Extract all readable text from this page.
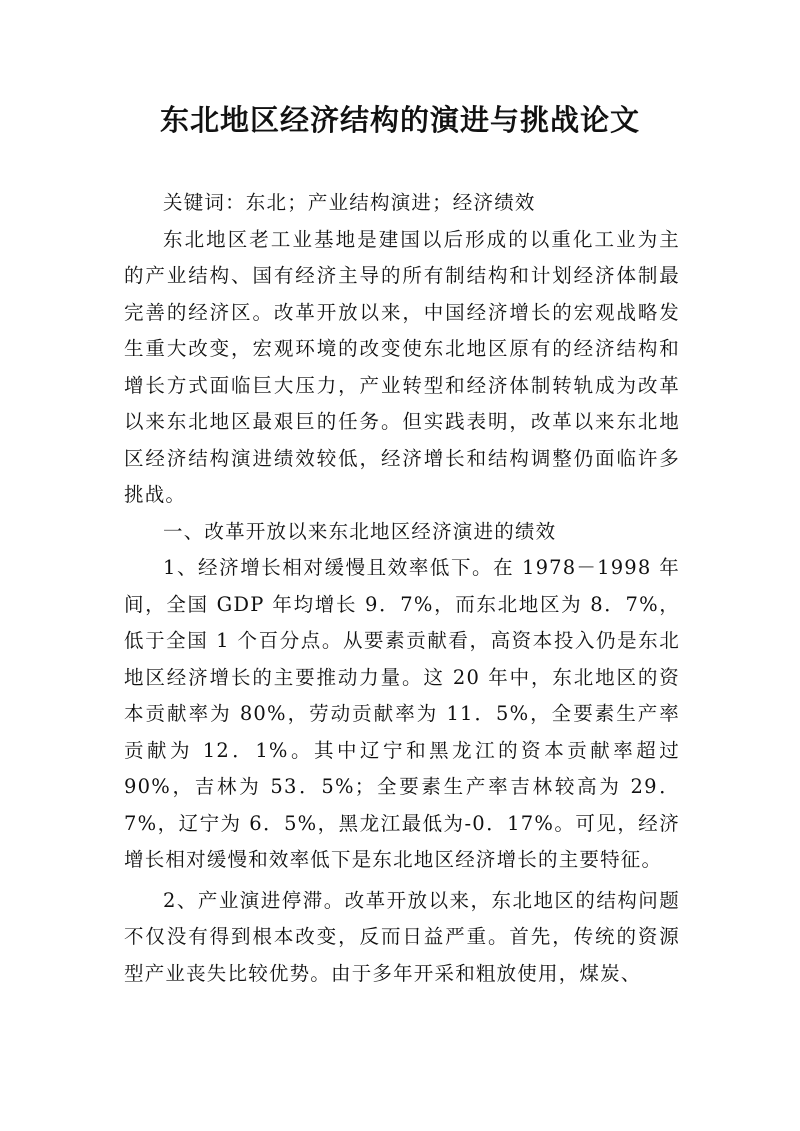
东北地区经济结构的演进与挑战论文

关键词：东北；产业结构演进；经济绩效

东北地区老工业基地是建国以后形成的以重化工业为主的产业结构、国有经济主导的所有制结构和计划经济体制最完善的经济区。改革开放以来，中国经济增长的宏观战略发生重大改变，宏观环境的改变使东北地区原有的经济结构和增长方式面临巨大压力，产业转型和经济体制转轨成为改革以来东北地区最艰巨的任务。但实践表明，改革以来东北地区经济结构演进绩效较低，经济增长和结构调整仍面临许多挑战。

一、改革开放以来东北地区经济演进的绩效

1、经济增长相对缓慢且效率低下。在 1978－1998 年间，全国 GDP 年均增长 9．7%，而东北地区为 8．7%，低于全国 1 个百分点。从要素贡献看，高资本投入仍是东北地区经济增长的主要推动力量。这 20 年中，东北地区的资本贡献率为 80%，劳动贡献率为 11．5%，全要素生产率贡献为 12．1%。其中辽宁和黑龙江的资本贡献率超过 90%，吉林为 53．5%；全要素生产率吉林较高为 29．7%，辽宁为 6．5%，黑龙江最低为-0．17%。可见，经济增长相对缓慢和效率低下是东北地区经济增长的主要特征。

2、产业演进停滞。改革开放以来，东北地区的结构问题不仅没有得到根本改变，反而日益严重。首先，传统的资源型产业丧失比较优势。由于多年开采和粗放使用，煤炭、
